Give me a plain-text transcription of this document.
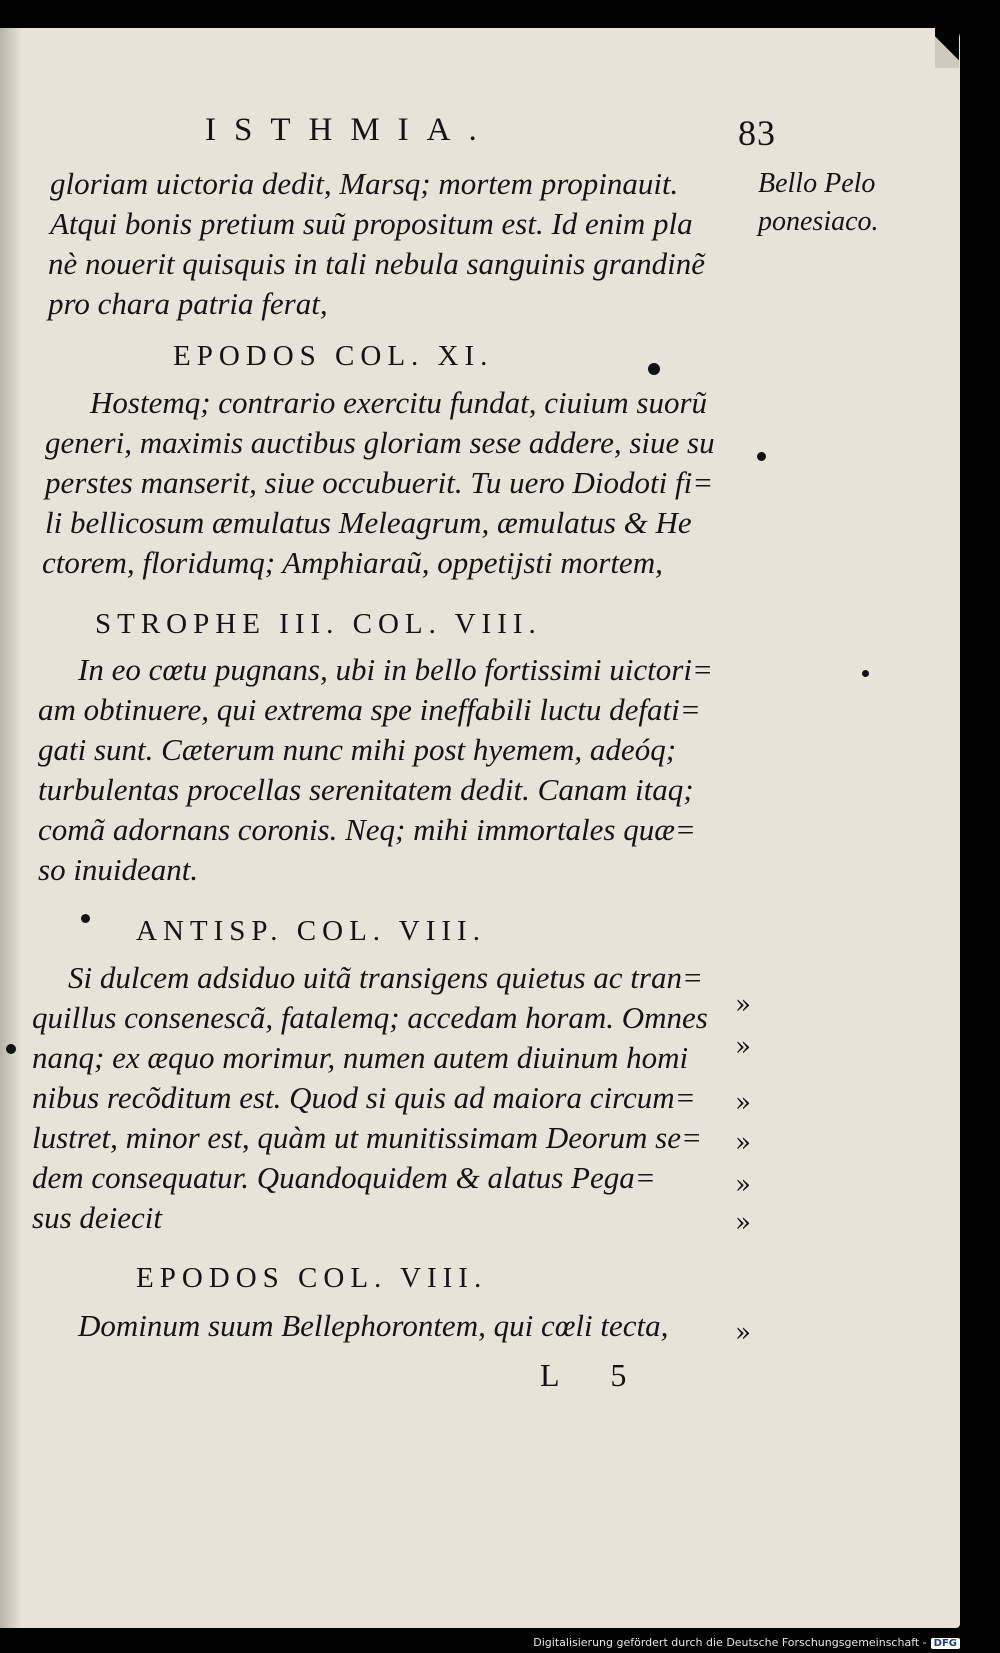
ISTHMIA.	83
Bello Pelo
ponesiaco.
gloriam uictoria dedit, Marsq; mortem propinauit.
Atqui bonis pretium suũ propositum est. Id enim pla
nè nouerit quisquis in tali nebula sanguinis grandinẽ
pro chara patria ferat,
EPODOS COL. XI.
Hostemq; contrario exercitu fundat, ciuium suorũ
generi, maximis auctibus gloriam sese addere, siue su
perstes manserit, siue occubuerit. Tu uero Diodoti fi=
li bellicosum æmulatus Meleagrum, æmulatus & He
ctorem, floridumq; Amphiaraũ, oppetijsti mortem,
STROPHE III. COL. VIII.
In eo cœtu pugnans, ubi in bello fortissimi uictori=
am obtinuere, qui extrema spe ineffabili luctu defati=
gati sunt. Cæterum nunc mihi post hyemem, adeóq;
turbulentas procellas serenitatem dedit. Canam itaq;
comã adornans coronis. Neq; mihi immortales quæ=
so inuideant.
ANTISP. COL. VIII.
Si dulcem adsiduo uitã transigens quietus ac tran=
quillus consenescã, fatalemq; accedam horam. Omnes
nanq; ex æquo morimur, numen autem diuinum homi
nibus recõditum est. Quod si quis ad maiora circum=
lustret, minor est, quàm ut munitissimam Deorum se=
dem consequatur. Quandoquidem & alatus Pega=
sus deiecit
EPODOS COL. VIII.
Dominum suum Bellephorontem, qui cœli tecta,
L 5
»
»
»
»
»
»
»
Digitalisierung gefördert durch die Deutsche Forschungsgemeinschaft - DFG
